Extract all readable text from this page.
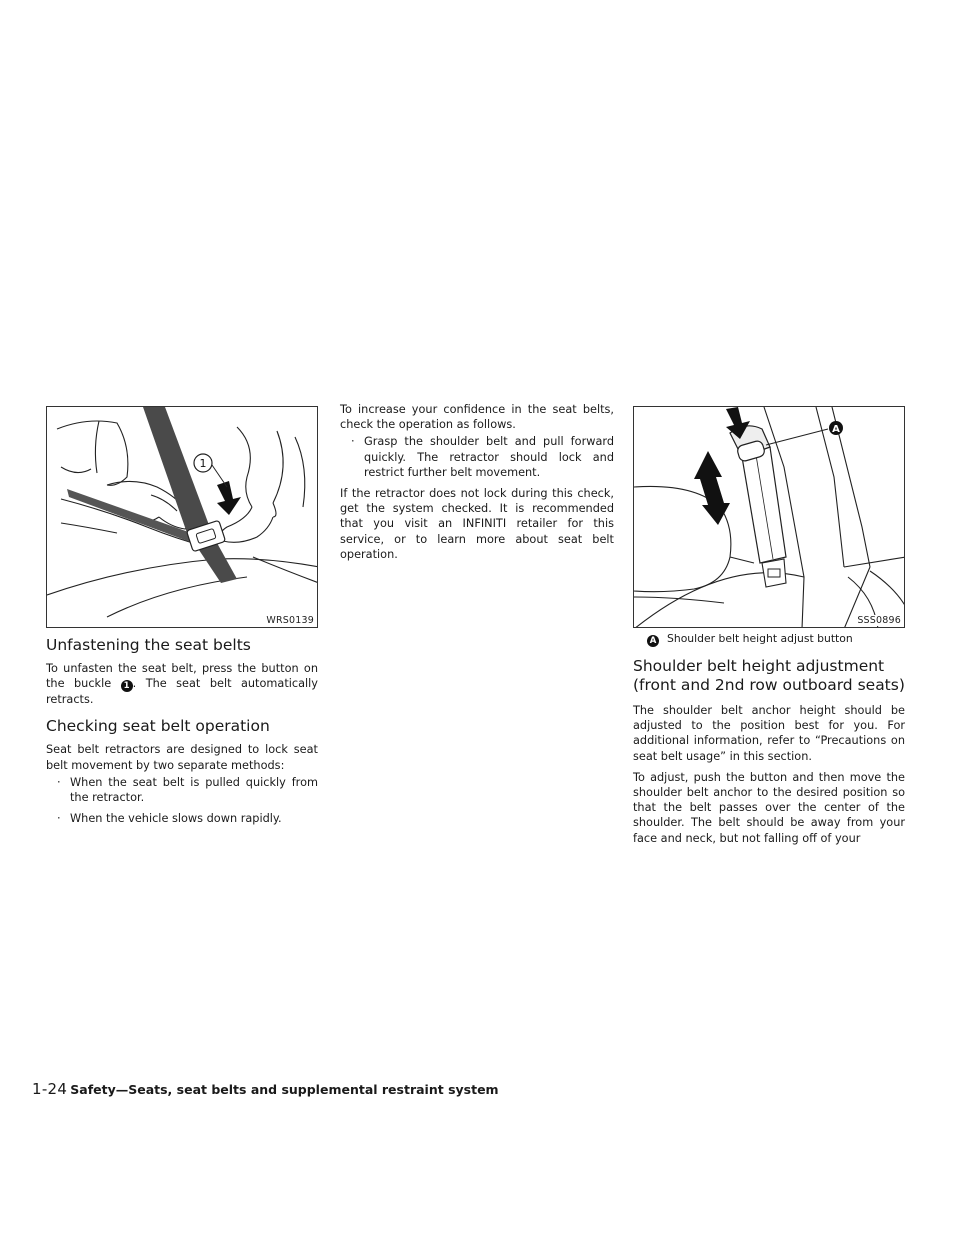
1
WRS0139
Unfastening the seat belts

To unfasten the seat belt, press the button on the buckle 1 . The seat belt automatically retracts.

Checking seat belt operation

Seat belt retractors are designed to lock seat belt movement by two separate methods:

· When the seat belt is pulled quickly from the retractor.
· When the vehicle slows down rapidly.

To increase your confidence in the seat belts, check the operation as follows.

· Grasp the shoulder belt and pull forward quickly. The retractor should lock and restrict further belt movement.

If the retractor does not lock during this check, get the system checked. It is recommended that you visit an INFINITI retailer for this service, or to learn more about seat belt operation.

A
SSS0896
A Shoulder belt height adjust button
Shoulder belt height adjustment
(front and 2nd row outboard seats)

The shoulder belt anchor height should be adjusted to the position best for you. For additional information, refer to “Precautions on seat belt usage” in this section.

To adjust, push the button and then move the shoulder belt anchor to the desired position so that the belt passes over the center of the shoulder. The belt should be away from your face and neck, but not falling off of your

1-24 Safety—Seats, seat belts and supplemental restraint system
